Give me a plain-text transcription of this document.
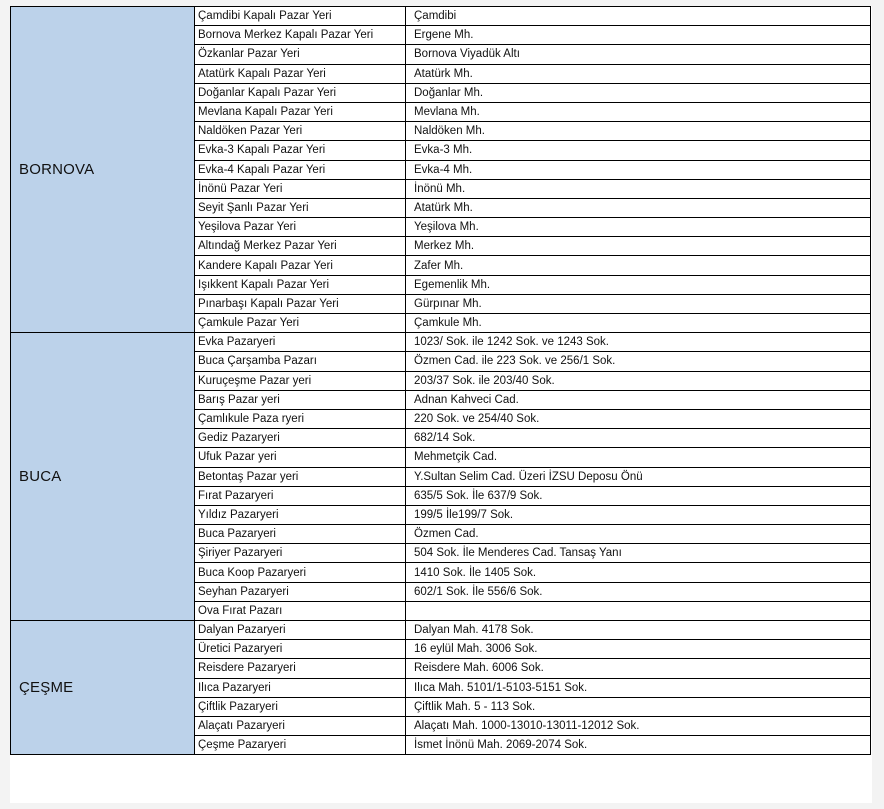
BORNOVA	Çamdibi Kapalı Pazar Yeri	Çamdibi
	Bornova Merkez Kapalı Pazar Yeri	Ergene Mh.
	Özkanlar Pazar Yeri	Bornova Viyadük Altı
	Atatürk Kapalı Pazar Yeri	Atatürk Mh.
	Doğanlar Kapalı Pazar Yeri	Doğanlar Mh.
	Mevlana Kapalı Pazar Yeri	Mevlana Mh.
	Naldöken Pazar Yeri	Naldöken Mh.
	Evka-3 Kapalı Pazar Yeri	Evka-3 Mh.
	Evka-4 Kapalı Pazar Yeri	Evka-4 Mh.
	İnönü Pazar Yeri	İnönü Mh.
	Seyit Şanlı Pazar Yeri	Atatürk Mh.
	Yeşilova Pazar Yeri	Yeşilova Mh.
	Altındağ Merkez Pazar Yeri	Merkez Mh.
	Kandere Kapalı Pazar Yeri	Zafer Mh.
	Işıkkent Kapalı Pazar Yeri	Egemenlik Mh.
	Pınarbaşı Kapalı Pazar Yeri	Gürpınar Mh.
	Çamkule Pazar Yeri	Çamkule Mh.
BUCA	Evka Pazaryeri	1023/ Sok. ile 1242 Sok. ve 1243 Sok.
	Buca Çarşamba Pazarı	Özmen Cad. ile 223 Sok. ve 256/1 Sok.
	Kuruçeşme Pazar yeri	203/37 Sok. ile 203/40 Sok.
	Barış Pazar yeri	Adnan Kahveci Cad.
	Çamlıkule Paza ryeri	220 Sok. ve 254/40 Sok.
	Gediz Pazaryeri	682/14 Sok.
	Ufuk Pazar yeri	Mehmetçik Cad.
	Betontaş Pazar yeri	Y.Sultan Selim Cad. Üzeri İZSU Deposu Önü
	Fırat Pazaryeri	635/5 Sok. İle 637/9 Sok.
	Yıldız Pazaryeri	199/5 İle199/7 Sok.
	Buca Pazaryeri	Özmen Cad.
	Şiriyer Pazaryeri	504 Sok. İle Menderes Cad. Tansaş Yanı
	Buca Koop Pazaryeri	1410 Sok. İle 1405 Sok.
	Seyhan Pazaryeri	602/1 Sok. İle 556/6 Sok.
	Ova Fırat Pazarı	
ÇEŞME	Dalyan Pazaryeri	Dalyan Mah. 4178 Sok.
	Üretici Pazaryeri	16 eylül Mah. 3006 Sok.
	Reisdere Pazaryeri	Reisdere Mah. 6006 Sok.
	Ilıca Pazaryeri	Ilıca Mah. 5101/1-5103-5151 Sok.
	Çiftlik Pazaryeri	Çiftlik Mah. 5 - 113 Sok.
	Alaçatı Pazaryeri	Alaçatı Mah. 1000-13010-13011-12012 Sok.
	Çeşme Pazaryeri	İsmet İnönü Mah. 2069-2074 Sok.
